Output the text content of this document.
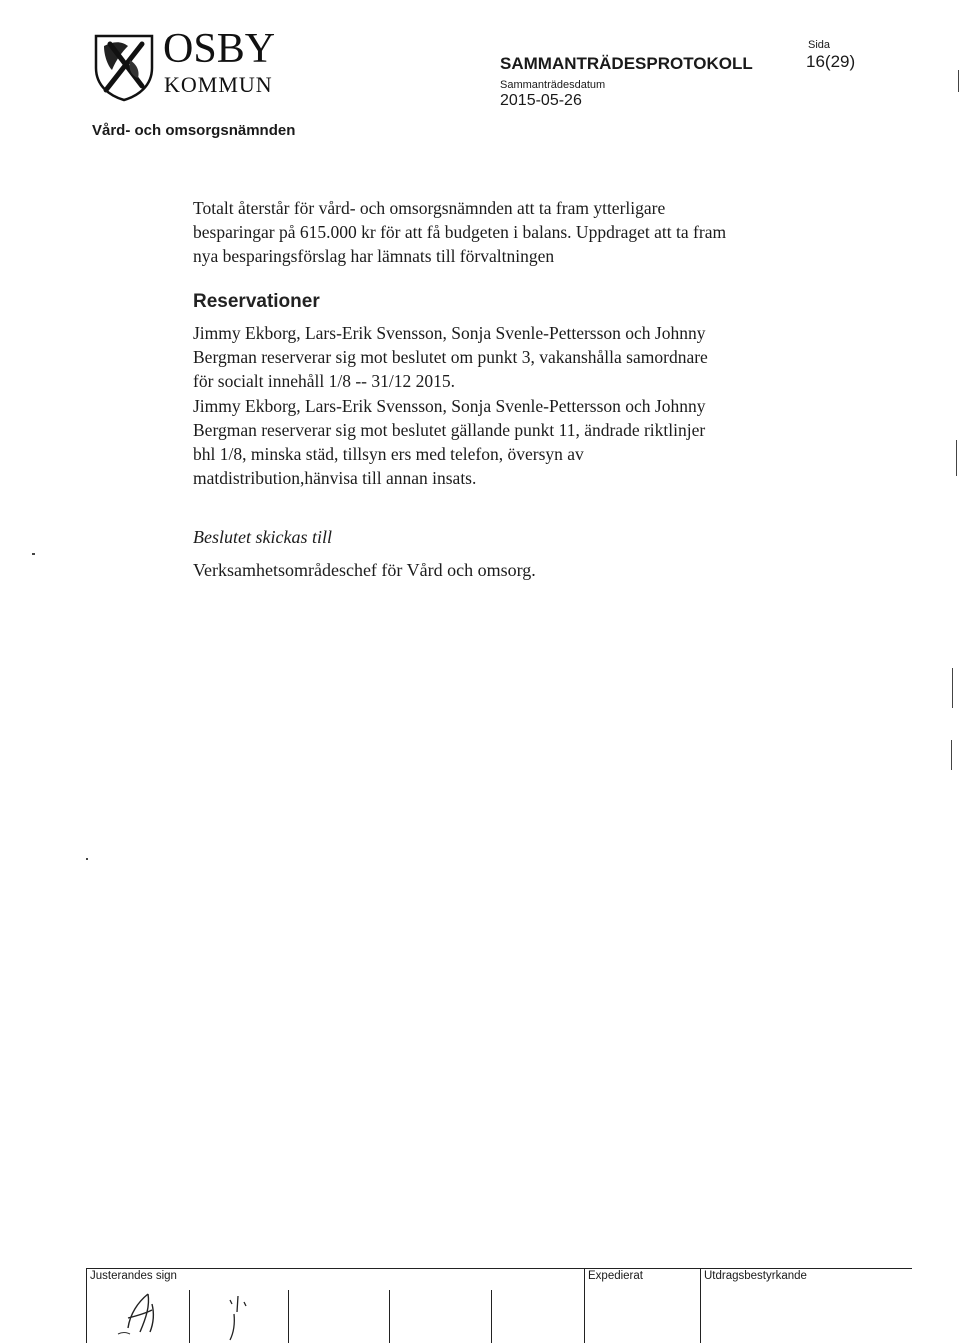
OSBY
KOMMUN
SAMMANTRÄDESPROTOKOLL
Sammanträdesdatum
2015-05-26
Sida
16(29)
Vård- och omsorgsnämnden
Totalt återstår för vård- och omsorgsnämnden att ta fram ytterligare
besparingar på 615.000 kr för att få budgeten i balans. Uppdraget att ta fram
nya besparingsförslag har lämnats till förvaltningen
Reservationer
Jimmy Ekborg, Lars-Erik Svensson, Sonja Svenle-Pettersson och Johnny
Bergman reserverar sig mot beslutet om punkt 3, vakanshålla samordnare
för socialt innehåll 1/8 -- 31/12 2015.
Jimmy Ekborg, Lars-Erik Svensson, Sonja Svenle-Pettersson och Johnny
Bergman reserverar sig mot beslutet gällande punkt 11, ändrade riktlinjer
bhl 1/8, minska städ, tillsyn ers med telefon, översyn av
matdistribution,hänvisa till annan insats.
Beslutet skickas till
Verksamhetsområdeschef för Vård och omsorg.
Justerandes sign	Expedierat	Utdragsbestyrkande
